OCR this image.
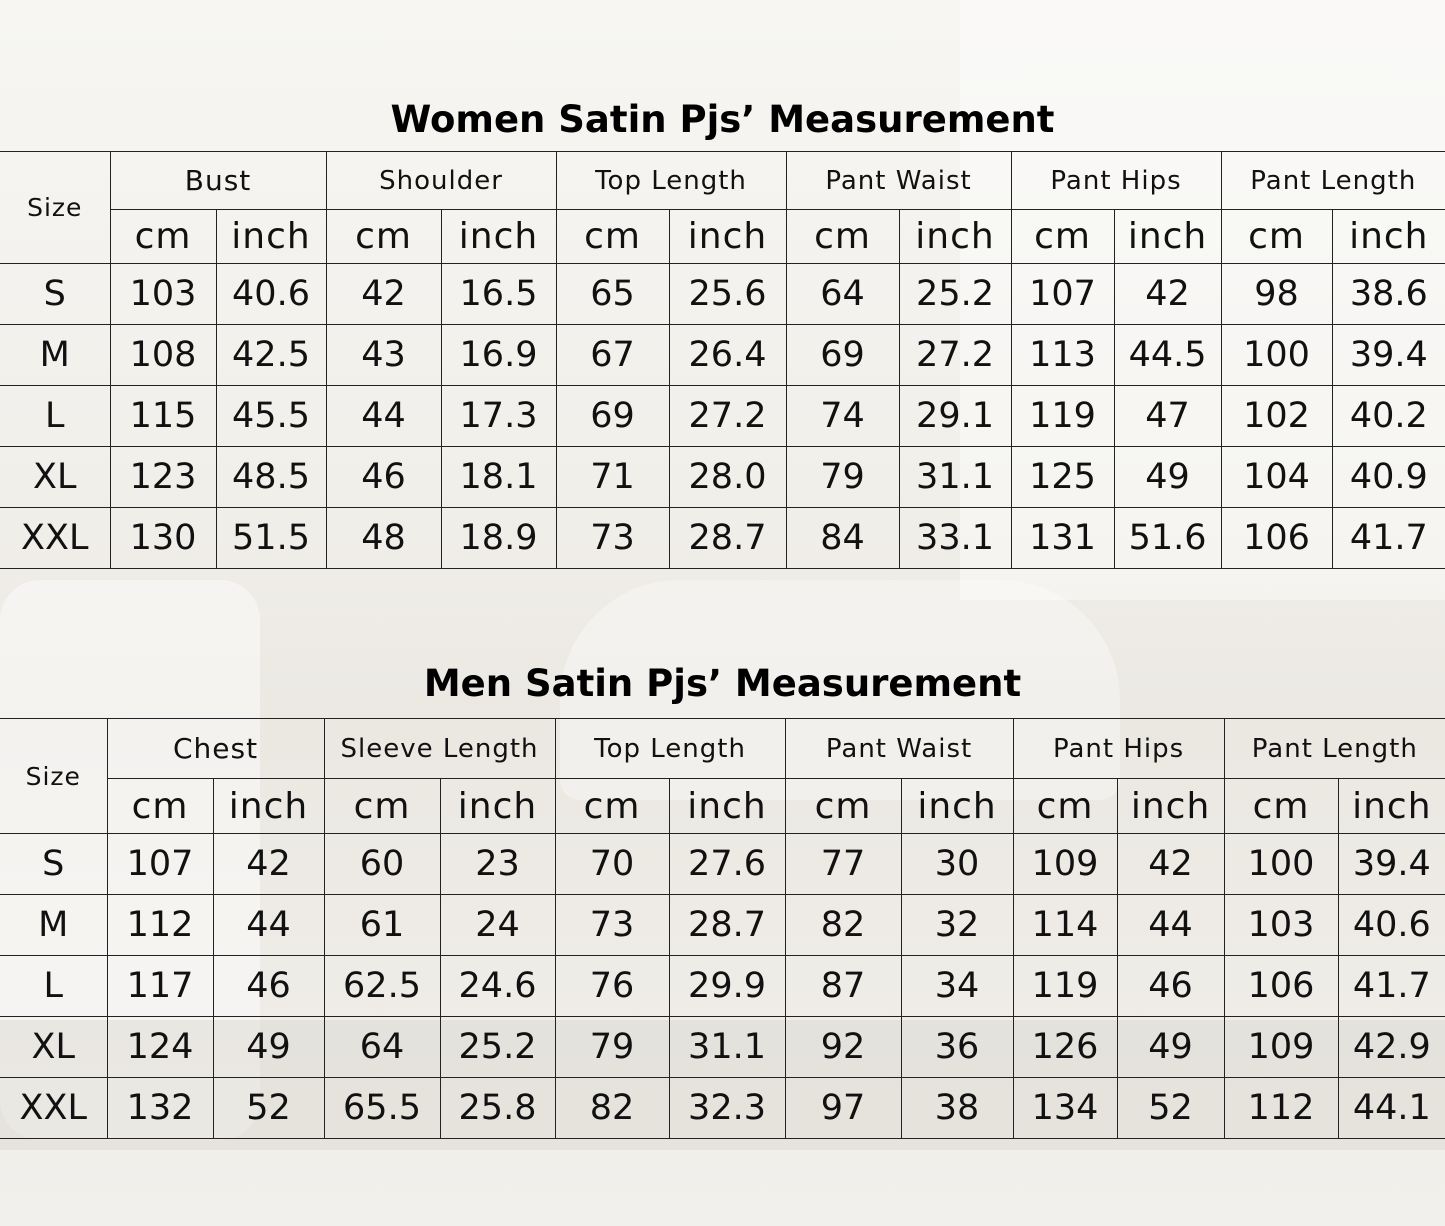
Women Satin Pjs’ Measurement
Size	Bust		Shoulder		Top Length		Pant Waist		Pant Hips		Pant Length	
	cm	inch	cm	inch	cm	inch	cm	inch	cm	inch	cm	inch
S	103	40.6	42	16.5	65	25.6	64	25.2	107	42	98	38.6
M	108	42.5	43	16.9	67	26.4	69	27.2	113	44.5	100	39.4
L	115	45.5	44	17.3	69	27.2	74	29.1	119	47	102	40.2
XL	123	48.5	46	18.1	71	28.0	79	31.1	125	49	104	40.9
XXL	130	51.5	48	18.9	73	28.7	84	33.1	131	51.6	106	41.7
Men Satin Pjs’ Measurement
Size	Chest		Sleeve Length		Top Length		Pant Waist		Pant Hips		Pant Length	
	cm	inch	cm	inch	cm	inch	cm	inch	cm	inch	cm	inch
S	107	42	60	23	70	27.6	77	30	109	42	100	39.4
M	112	44	61	24	73	28.7	82	32	114	44	103	40.6
L	117	46	62.5	24.6	76	29.9	87	34	119	46	106	41.7
XL	124	49	64	25.2	79	31.1	92	36	126	49	109	42.9
XXL	132	52	65.5	25.8	82	32.3	97	38	134	52	112	44.1
